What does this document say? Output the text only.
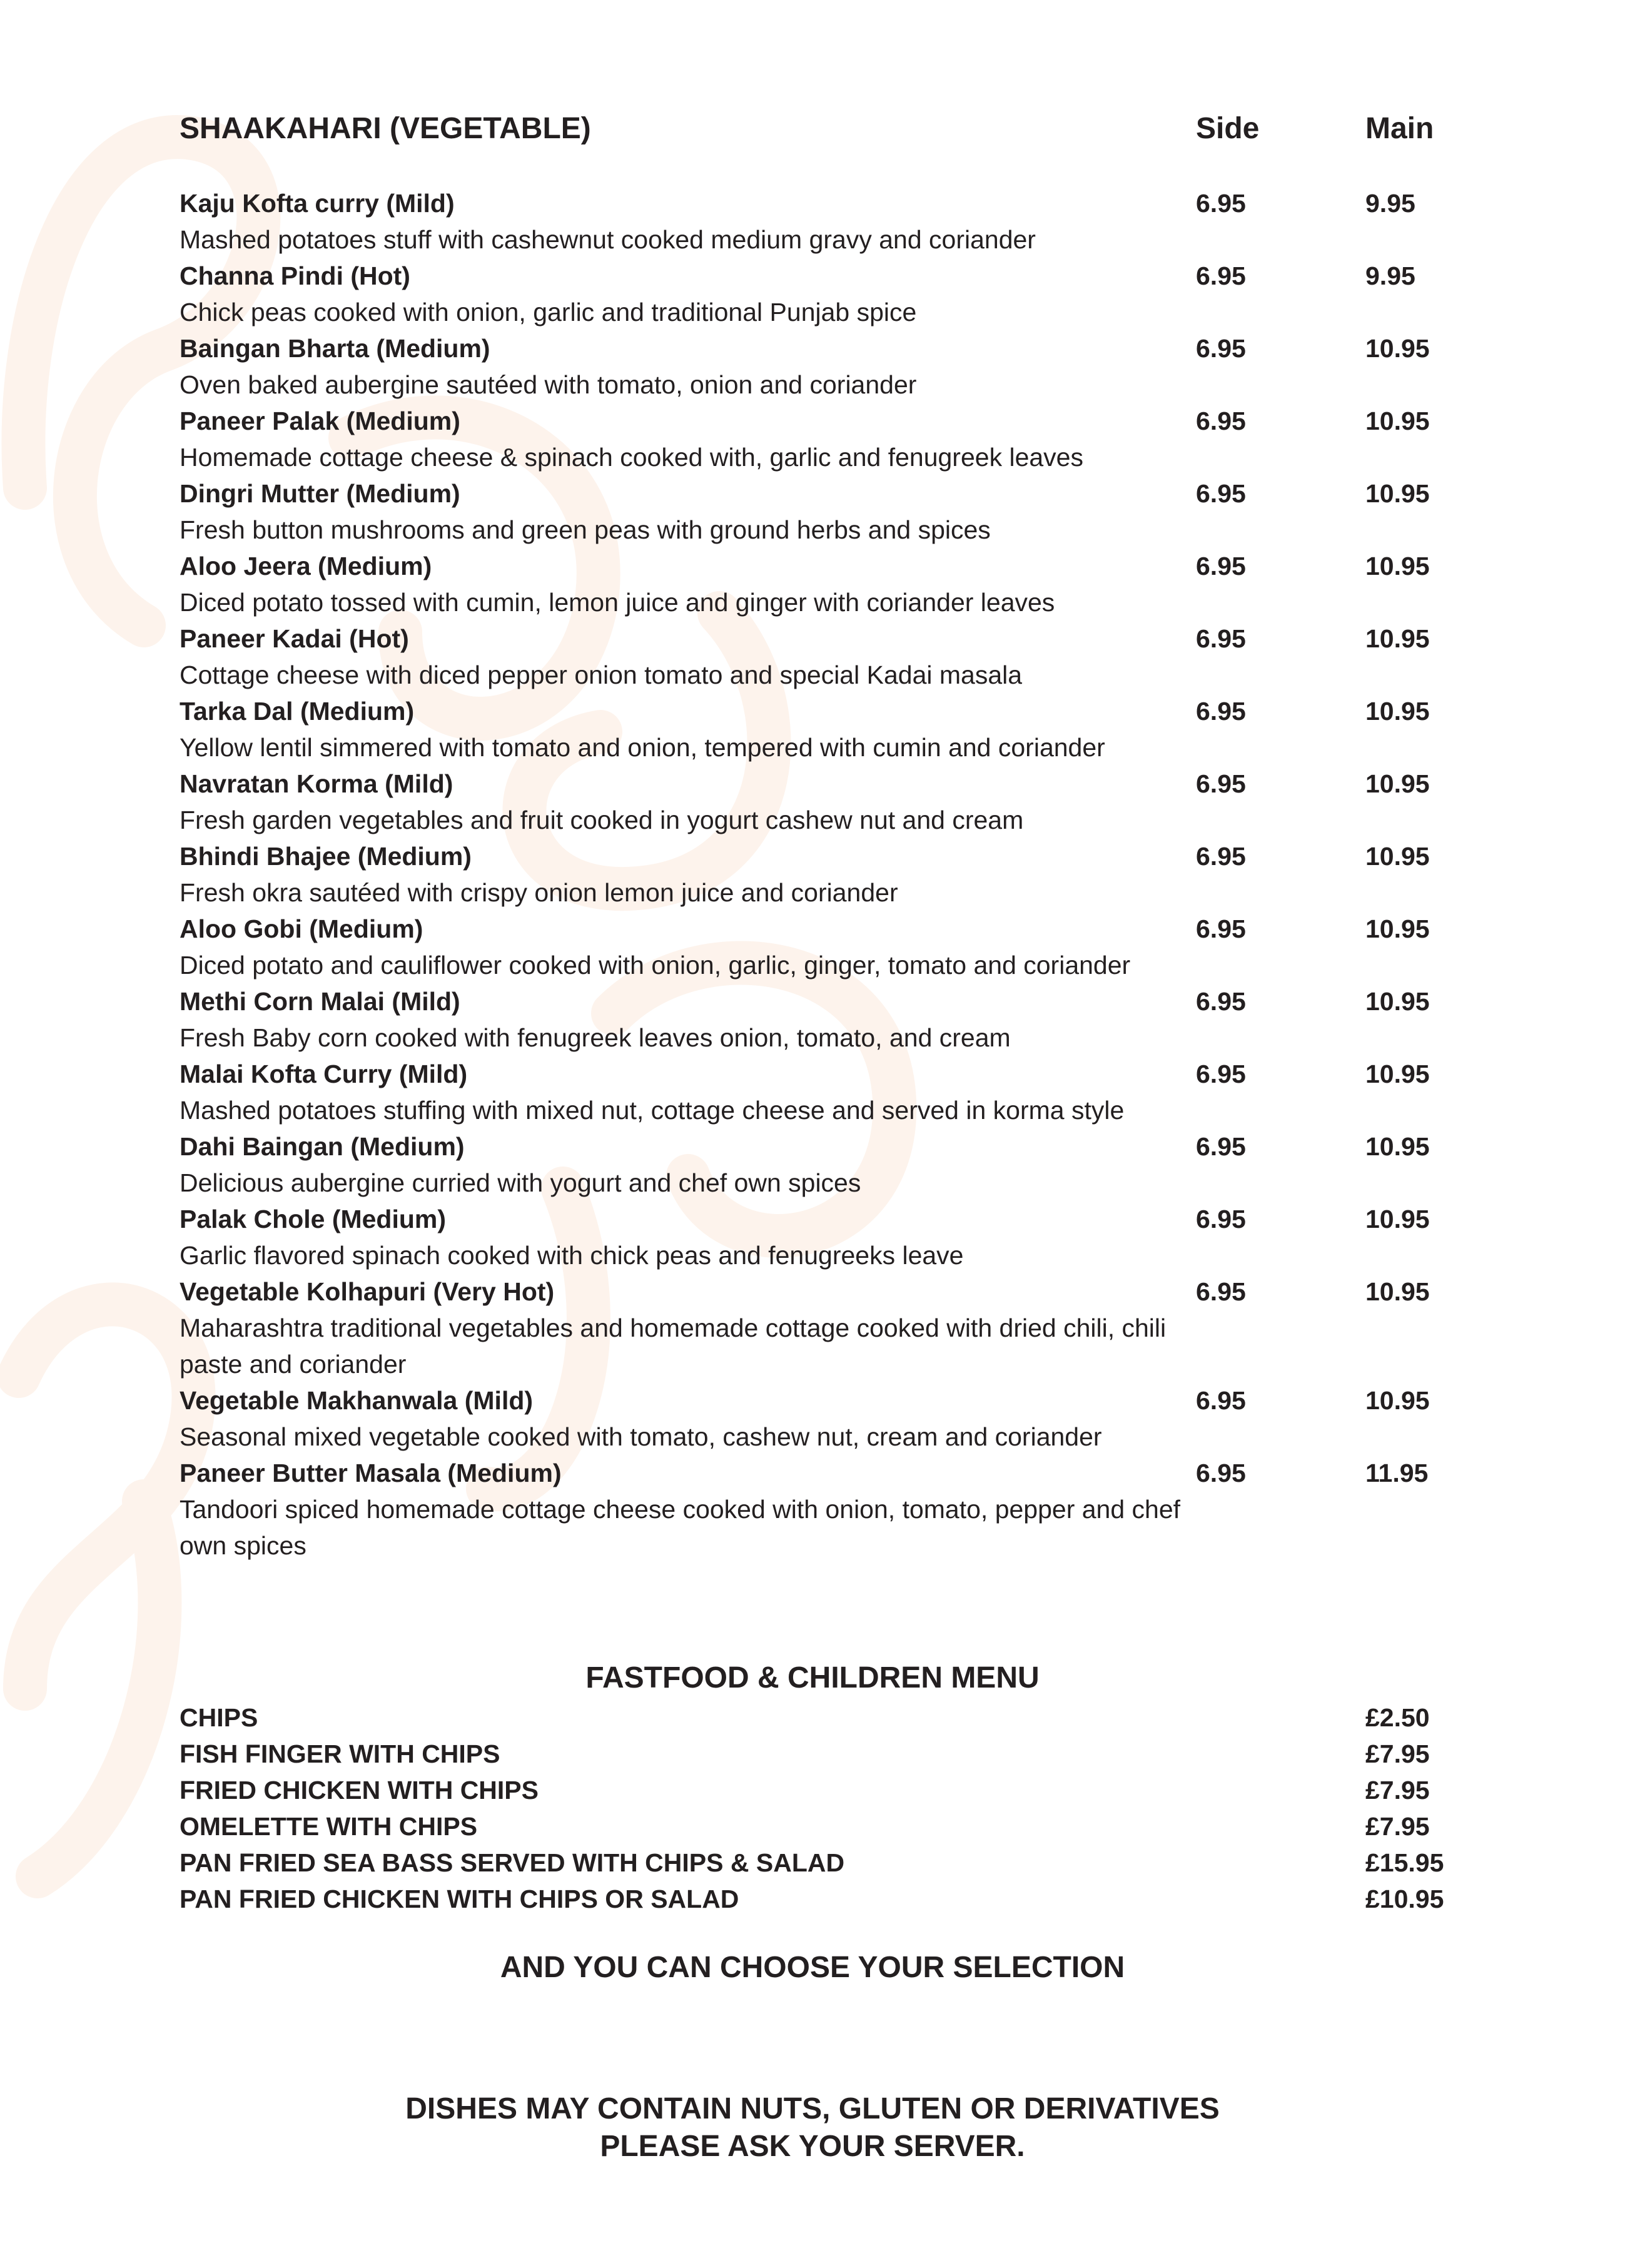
SHAAKAHARI (VEGETABLE)	Side	Main
Kaju Kofta curry (Mild)	6.95	9.95
Mashed potatoes stuff with cashewnut cooked medium gravy and coriander
Channa Pindi (Hot)	6.95	9.95
Chick peas cooked with onion, garlic and traditional Punjab spice
Baingan Bharta (Medium)	6.95	10.95
Oven baked aubergine sautéed with tomato, onion and coriander
Paneer Palak (Medium)	6.95	10.95
Homemade cottage cheese & spinach cooked with, garlic and fenugreek leaves
Dingri Mutter (Medium)	6.95	10.95
Fresh button mushrooms and green peas with ground herbs and spices
Aloo Jeera (Medium)	6.95	10.95
Diced potato tossed with cumin, lemon juice and ginger with coriander leaves
Paneer Kadai (Hot)	6.95	10.95
Cottage cheese with diced pepper onion tomato and special Kadai masala
Tarka Dal (Medium)	6.95	10.95
Yellow lentil simmered with tomato and onion, tempered with cumin and coriander
Navratan Korma (Mild)	6.95	10.95
Fresh garden vegetables and fruit cooked in yogurt cashew nut and cream
Bhindi Bhajee (Medium)	6.95	10.95
Fresh okra sautéed with crispy onion lemon juice and coriander
Aloo Gobi (Medium)	6.95	10.95
Diced potato and cauliflower cooked with onion, garlic, ginger, tomato and coriander
Methi Corn Malai (Mild)	6.95	10.95
Fresh Baby corn cooked with fenugreek leaves onion, tomato, and cream
Malai Kofta Curry (Mild)	6.95	10.95
Mashed potatoes stuffing with mixed nut, cottage cheese and served in korma style
Dahi Baingan (Medium)	6.95	10.95
Delicious aubergine curried with yogurt and chef own spices
Palak Chole (Medium)	6.95	10.95
Garlic flavored spinach cooked with chick peas and fenugreeks leave
Vegetable Kolhapuri (Very Hot)	6.95	10.95
Maharashtra traditional vegetables and homemade cottage cooked with dried chili, chili paste and coriander
Vegetable Makhanwala (Mild)	6.95	10.95
Seasonal mixed vegetable cooked with tomato, cashew nut, cream and coriander
Paneer Butter Masala (Medium)	6.95	11.95
Tandoori spiced homemade cottage cheese cooked with onion, tomato, pepper and chef own spices
FASTFOOD & CHILDREN MENU
CHIPS	£2.50
FISH FINGER WITH CHIPS	£7.95
FRIED CHICKEN WITH CHIPS	£7.95
OMELETTE WITH CHIPS	£7.95
PAN FRIED SEA BASS SERVED WITH CHIPS & SALAD	£15.95
PAN FRIED CHICKEN WITH CHIPS OR SALAD	£10.95
AND YOU CAN CHOOSE YOUR SELECTION
DISHES MAY CONTAIN NUTS, GLUTEN OR DERIVATIVES
PLEASE ASK YOUR SERVER.
